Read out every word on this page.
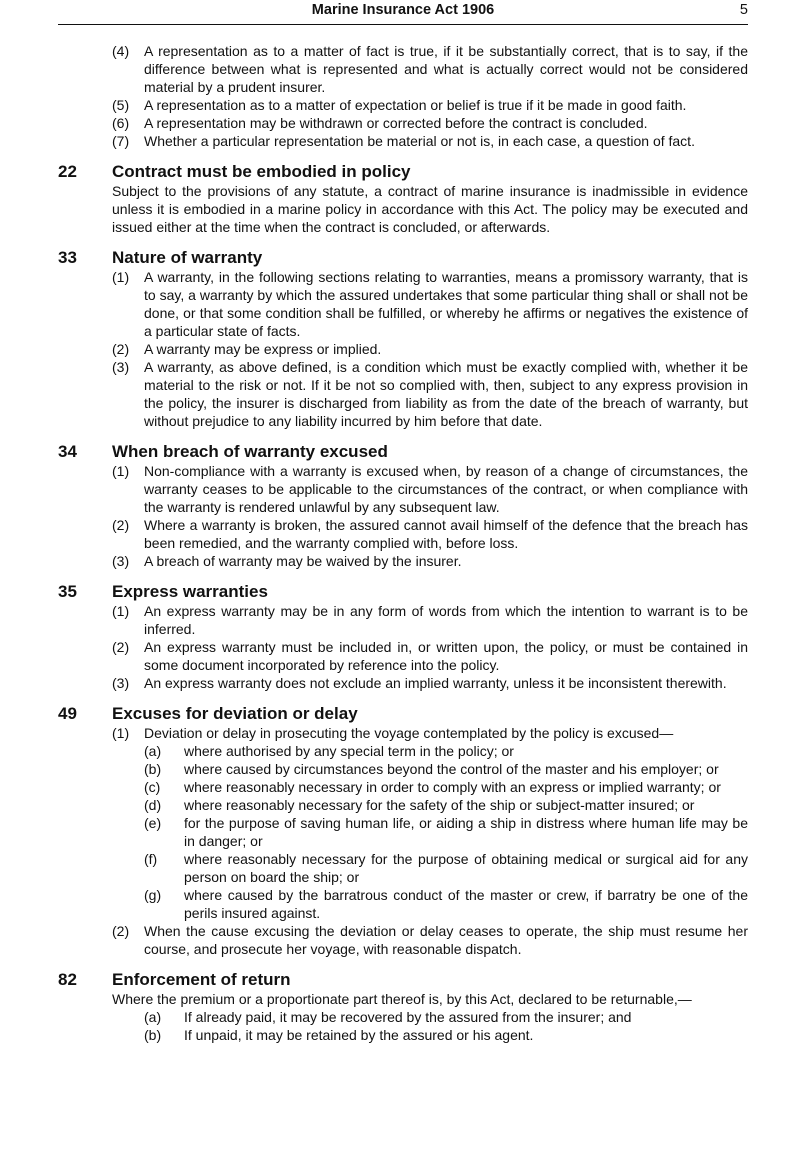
Marine Insurance Act 1906	5
(4) A representation as to a matter of fact is true, if it be substantially correct, that is to say, if the difference between what is represented and what is actually correct would not be considered material by a prudent insurer.
(5) A representation as to a matter of expectation or belief is true if it be made in good faith.
(6) A representation may be withdrawn or corrected before the contract is concluded.
(7) Whether a particular representation be material or not is, in each case, a question of fact.
22 Contract must be embodied in policy
Subject to the provisions of any statute, a contract of marine insurance is inadmissible in evidence unless it is embodied in a marine policy in accordance with this Act. The policy may be executed and issued either at the time when the contract is concluded, or afterwards.
33 Nature of warranty
(1) A warranty, in the following sections relating to warranties, means a promissory warranty, that is to say, a warranty by which the assured undertakes that some particular thing shall or shall not be done, or that some condition shall be fulfilled, or whereby he affirms or negatives the existence of a particular state of facts.
(2) A warranty may be express or implied.
(3) A warranty, as above defined, is a condition which must be exactly complied with, whether it be material to the risk or not. If it be not so complied with, then, subject to any express provision in the policy, the insurer is discharged from liability as from the date of the breach of warranty, but without prejudice to any liability incurred by him before that date.
34 When breach of warranty excused
(1) Non-compliance with a warranty is excused when, by reason of a change of circumstances, the warranty ceases to be applicable to the circumstances of the contract, or when compliance with the warranty is rendered unlawful by any subsequent law.
(2) Where a warranty is broken, the assured cannot avail himself of the defence that the breach has been remedied, and the warranty complied with, before loss.
(3) A breach of warranty may be waived by the insurer.
35 Express warranties
(1) An express warranty may be in any form of words from which the intention to warrant is to be inferred.
(2) An express warranty must be included in, or written upon, the policy, or must be contained in some document incorporated by reference into the policy.
(3) An express warranty does not exclude an implied warranty, unless it be inconsistent therewith.
49 Excuses for deviation or delay
(1) Deviation or delay in prosecuting the voyage contemplated by the policy is excused—
(a) where authorised by any special term in the policy; or
(b) where caused by circumstances beyond the control of the master and his employer; or
(c) where reasonably necessary in order to comply with an express or implied warranty; or
(d) where reasonably necessary for the safety of the ship or subject-matter insured; or
(e) for the purpose of saving human life, or aiding a ship in distress where human life may be in danger; or
(f) where reasonably necessary for the purpose of obtaining medical or surgical aid for any person on board the ship; or
(g) where caused by the barratrous conduct of the master or crew, if barratry be one of the perils insured against.
(2) When the cause excusing the deviation or delay ceases to operate, the ship must resume her course, and prosecute her voyage, with reasonable dispatch.
82 Enforcement of return
Where the premium or a proportionate part thereof is, by this Act, declared to be returnable,—
(a) If already paid, it may be recovered by the assured from the insurer; and
(b) If unpaid, it may be retained by the assured or his agent.
